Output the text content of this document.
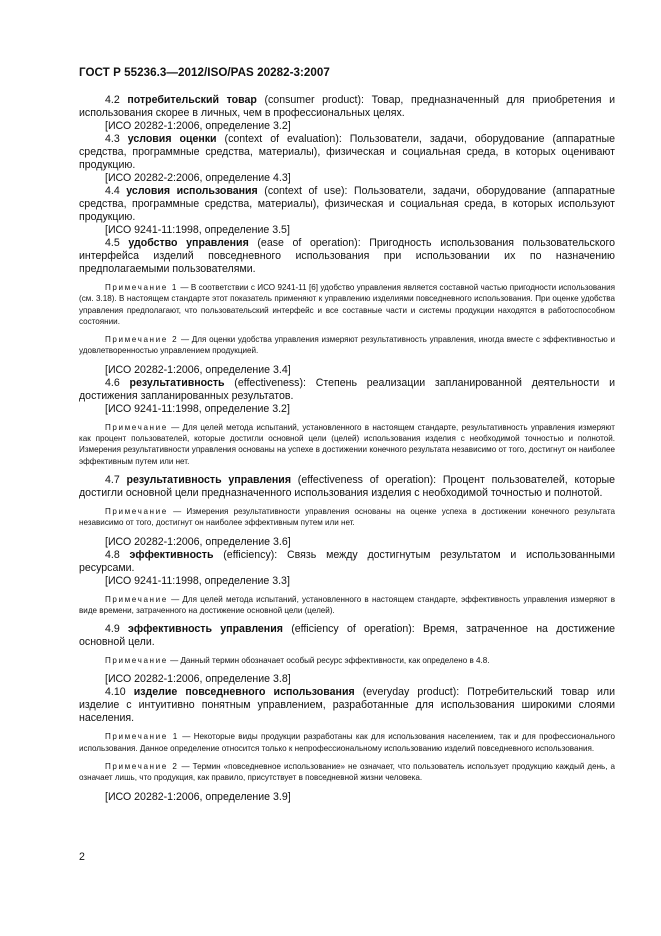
ГОСТ Р 55236.3—2012/ISO/PAS 20282-3:2007

4.2 потребительский товар (consumer product): Товар, предназначенный для приобретения и использования скорее в личных, чем в профессиональных целях.

[ИСО 20282-1:2006, определение 3.2]

4.3 условия оценки (context of evaluation): Пользователи, задачи, оборудование (аппаратные средства, программные средства, материалы), физическая и социальная среда, в которых оценивают продукцию.

[ИСО 20282-2:2006, определение 4.3]

4.4 условия использования (context of use): Пользователи, задачи, оборудование (аппаратные средства, программные средства, материалы), физическая и социальная среда, в которых используют продукцию.

[ИСО 9241-11:1998, определение 3.5]

4.5 удобство управления (ease of operation): Пригодность использования пользовательского интерфейса изделий повседневного использования при использовании их по назначению предполагаемыми пользователями.

Примечание 1 — В соответствии с ИСО 9241-11 [6] удобство управления является составной частью пригодности использования (см. 3.18). В настоящем стандарте этот показатель применяют к управлению изделиями повседневного использования. При оценке удобства управления предполагают, что пользовательский интерфейс и все составные части и системы продукции находятся в работоспособном состоянии.

Примечание 2 — Для оценки удобства управления измеряют результативность управления, иногда вместе с эффективностью и удовлетворенностью управлением продукцией.

[ИСО 20282-1:2006, определение 3.4]

4.6 результативность (effectiveness): Степень реализации запланированной деятельности и достижения запланированных результатов.

[ИСО 9241-11:1998, определение 3.2]

Примечание — Для целей метода испытаний, установленного в настоящем стандарте, результативность управления измеряют как процент пользователей, которые достигли основной цели (целей) использования изделия с необходимой точностью и полнотой. Измерения результативности управления основаны на успехе в достижении конечного результата независимо от того, достигнут он наиболее эффективным путем или нет.

4.7 результативность управления (effectiveness of operation): Процент пользователей, которые достигли основной цели предназначенного использования изделия с необходимой точностью и полнотой.

Примечание — Измерения результативности управления основаны на оценке успеха в достижении конечного результата независимо от того, достигнут он наиболее эффективным путем или нет.

[ИСО 20282-1:2006, определение 3.6]

4.8 эффективность (efficiency): Связь между достигнутым результатом и использованными ресурсами.

[ИСО 9241-11:1998, определение 3.3]

Примечание — Для целей метода испытаний, установленного в настоящем стандарте, эффективность управления измеряют в виде времени, затраченного на достижение основной цели (целей).

4.9 эффективность управления (efficiency of operation): Время, затраченное на достижение основной цели.

Примечание — Данный термин обозначает особый ресурс эффективности, как определено в 4.8.

[ИСО 20282-1:2006, определение 3.8]

4.10 изделие повседневного использования (everyday product): Потребительский товар или изделие с интуитивно понятным управлением, разработанные для использования широкими слоями населения.

Примечание 1 — Некоторые виды продукции разработаны как для использования населением, так и для профессионального использования. Данное определение относится только к непрофессиональному использованию изделий повседневного использования.

Примечание 2 — Термин «повседневное использование» не означает, что пользователь использует продукцию каждый день, а означает лишь, что продукция, как правило, присутствует в повседневной жизни человека.

[ИСО 20282-1:2006, определение 3.9]

2
